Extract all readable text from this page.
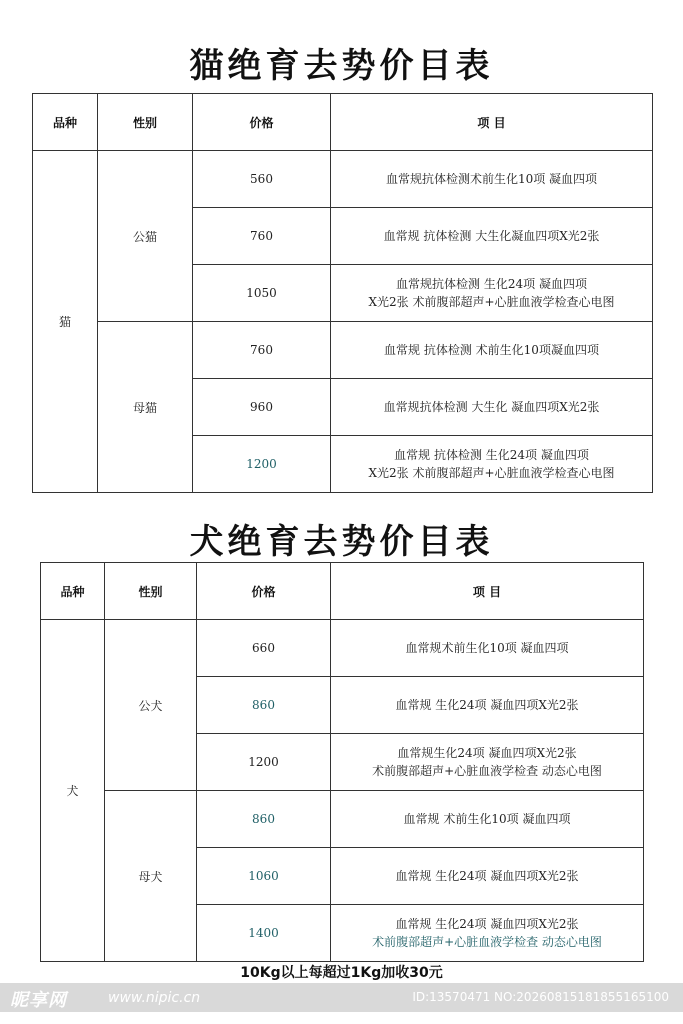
猫绝育去势价目表
品种	性别	价格	项 目
猫	公猫	560	血常规抗体检测术前生化10项 凝血四项

		760	血常规 抗体检测 大生化凝血四项X光2张

		1050	血常规抗体检测 生化24项 凝血四项
X光2张 术前腹部超声+心脏血液学检查心电图

	母猫	760	血常规 抗体检测 术前生化10项凝血四项

		960	血常规抗体检测 大生化 凝血四项X光2张

		1200	血常规 抗体检测 生化24项 凝血四项
X光2张 术前腹部超声+心脏血液学检查心电图
犬绝育去势价目表
品种	性别	价格	项 目
犬	公犬	660	血常规术前生化10项 凝血四项

		860	血常规 生化24项 凝血四项X光2张

		1200	血常规生化24项 凝血四项X光2张
术前腹部超声+心脏血液学检查 动态心电图

	母犬	860	血常规 术前生化10项 凝血四项

		1060	血常规 生化24项 凝血四项X光2张

		1400	血常规 生化24项 凝血四项X光2张
术前腹部超声+心脏血液学检查 动态心电图
10Kg以上每超过1Kg加收30元
昵享网	www.nipic.cn	ID:13570471 NO:20260815181855165100
